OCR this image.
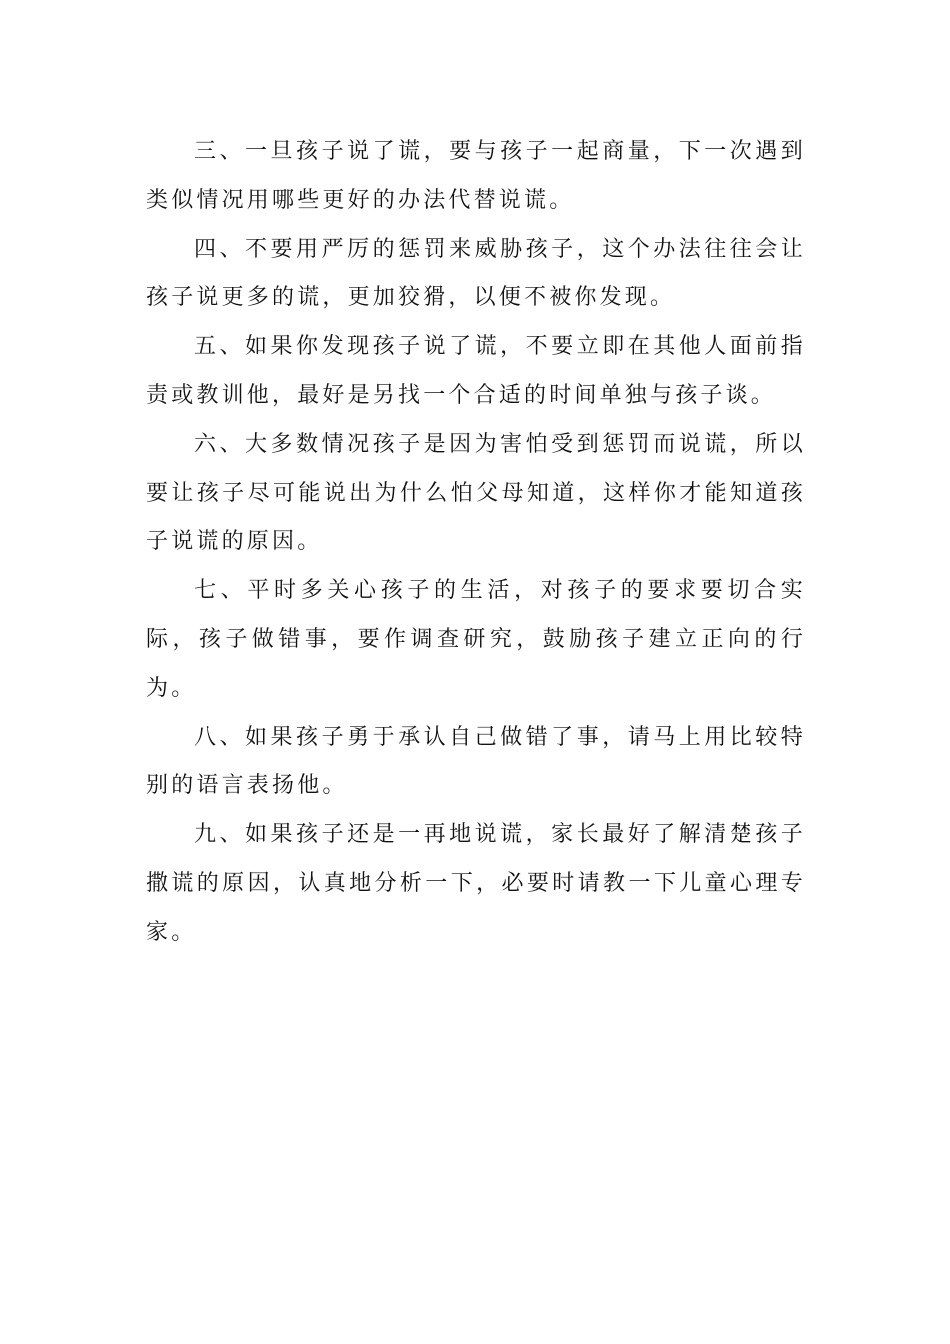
三、一旦孩子说了谎，要与孩子一起商量，下一次遇到类似情况用哪些更好的办法代替说谎。

四、不要用严厉的惩罚来威胁孩子，这个办法往往会让孩子说更多的谎，更加狡猾，以便不被你发现。

五、如果你发现孩子说了谎，不要立即在其他人面前指责或教训他，最好是另找一个合适的时间单独与孩子谈。

六、大多数情况孩子是因为害怕受到惩罚而说谎，所以要让孩子尽可能说出为什么怕父母知道，这样你才能知道孩子说谎的原因。

七、平时多关心孩子的生活，对孩子的要求要切合实际，孩子做错事，要作调查研究，鼓励孩子建立正向的行为。

八、如果孩子勇于承认自己做错了事，请马上用比较特别的语言表扬他。

九、如果孩子还是一再地说谎，家长最好了解清楚孩子撒谎的原因，认真地分析一下，必要时请教一下儿童心理专家。
